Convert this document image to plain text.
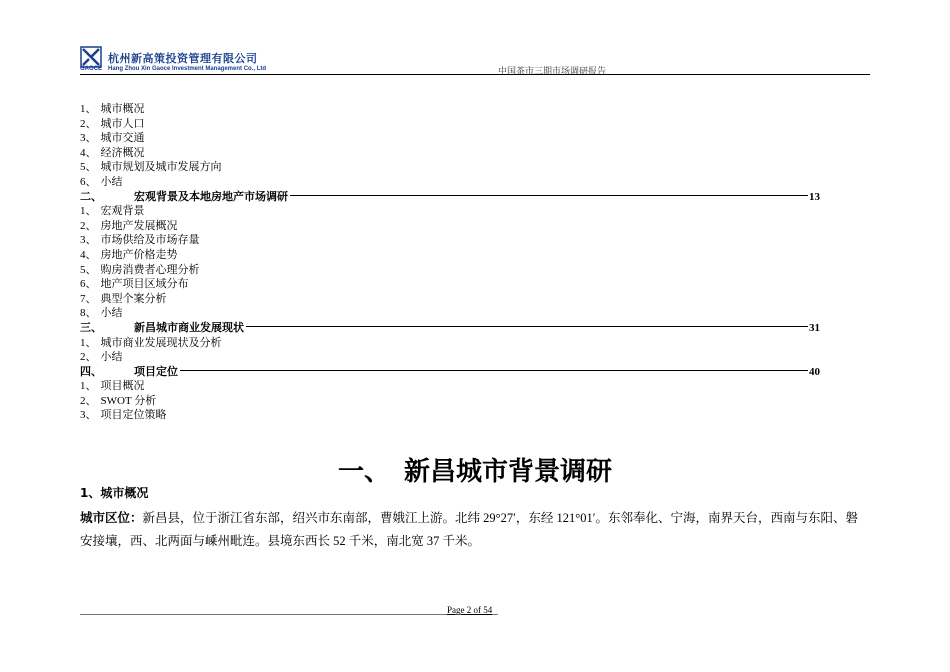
杭州新高策投资管理有限公司
GAOCE Hang Zhou Xin Gaoce Investment Management Co., Ltd	中国茶市三期市场调研报告
1、 城市概况
2、 城市人口
3、 城市交通
4、 经济概况
5、 城市规划及城市发展方向
6、 小结
二、	宏观背景及本地房地产市场调研	13
1、 宏观背景
2、 房地产发展概况
3、 市场供给及市场存量
4、 房地产价格走势
5、 购房消费者心理分析
6、 地产项目区域分布
7、 典型个案分析
8、 小结
三、	新昌城市商业发展现状	31
1、 城市商业发展现状及分析
2、 小结
四、	项目定位	40
1、 项目概况
2、 SWOT 分析
3、 项目定位策略
一、 新昌城市背景调研
1、城市概况
城市区位：新昌县，位于浙江省东部，绍兴市东南部，曹娥江上游。北纬 29°27′，东经 121°01′。东邻奉化、宁海，南界天台，西南与东阳、磐安接壤，西、北两面与嵊州毗连。县境东西长 52 千米，南北宽 37 千米。
Page 2 of 54
